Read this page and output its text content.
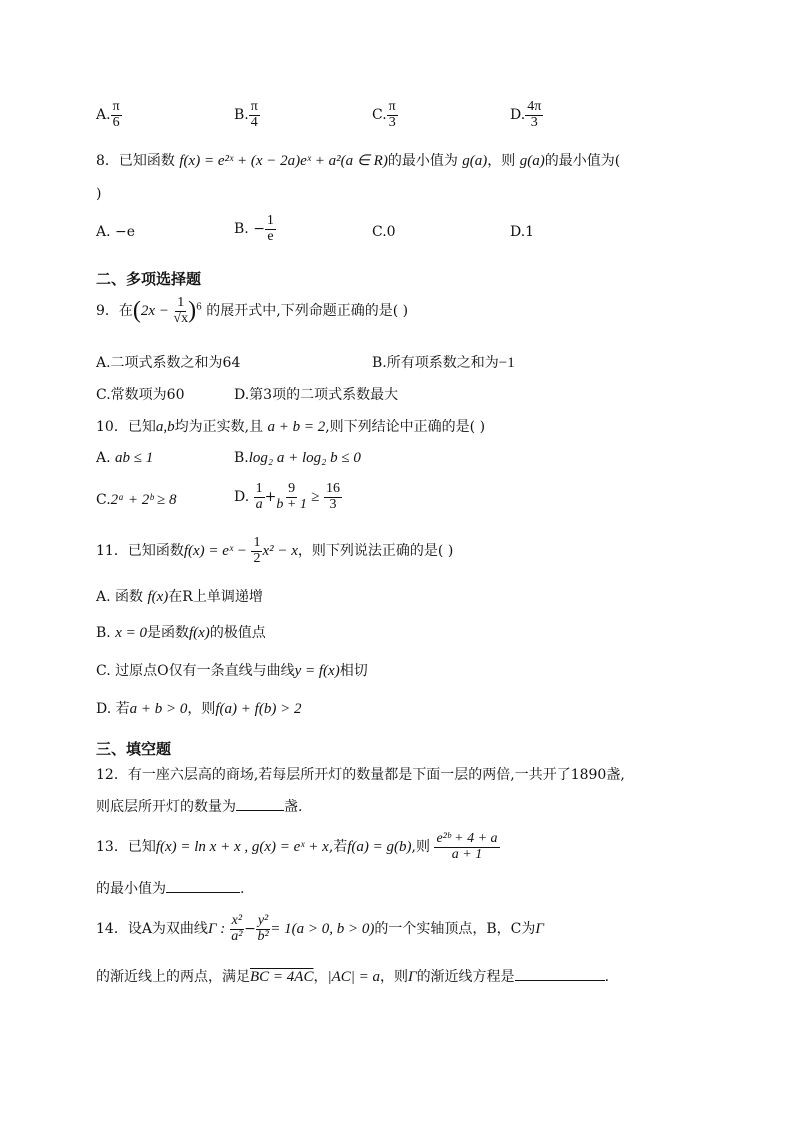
A. $\frac{\pi}{6}$	B. $\frac{\pi}{4}$	C. $\frac{\pi}{3}$	D. $\frac{4\pi}{3}$
8．已知函数 f(x) = e²ˣ + (x − 2a)eˣ + a²(a ∈ R)的最小值为 g(a)，则 g(a)的最小值为(
)
A. −e	B. − $\frac{1}{e}$	C.0	D.1
二、多项选择题
9．在$(2x - \frac{1}{√x} )^6$ 的展开式中,下列命题正确的是( )
A.二项式系数之和为64	B.所有项系数之和为−1
C.常数项为60	D.第3项的二项式系数最大
10．已知a,b均为正实数,且 a + b = 2,则下列结论中正确的是( )
A. ab ≤ 1	B.log₂ a + log₂ b ≤ 0
C.2ᵃ + 2ᵇ ≥ 8	D. $\frac{1}{a} + \frac{9}{b + 1} \ge \frac{16}{3}$
11．已知函数f(x) = eˣ − $\frac{1}{2} x^2 - x$，则下列说法正确的是( )
A. 函数 f(x)在R上单调递增
B. x = 0是函数f(x)的极值点
C. 过原点O仅有一条直线与曲线y = f(x)相切
D. 若a + b > 0，则f(a) + f(b) > 2
三、填空题
12．有一座六层高的商场,若每层所开灯的数量都是下面一层的两倍,一共开了1890盏,
则底层所开灯的数量为	盏.
13．已知f(x) = ln x + x , g(x) = eˣ + x,若f(a) = g(b),则 $\frac{\text{e²ᵇ + 4 + a}}{a + 1}$
的最小值为	.
14．设A为双曲线Γ : $\frac{\text{x²}}{\text{a²}} - \frac{\text{y²}}{\text{b²}} = 1(a > 0$, b > 0)的一个实轴顶点，B，C为Γ
的渐近线上的两点，满足BC = 4AC，|AC| = a，则Γ的渐近线方程是	.
